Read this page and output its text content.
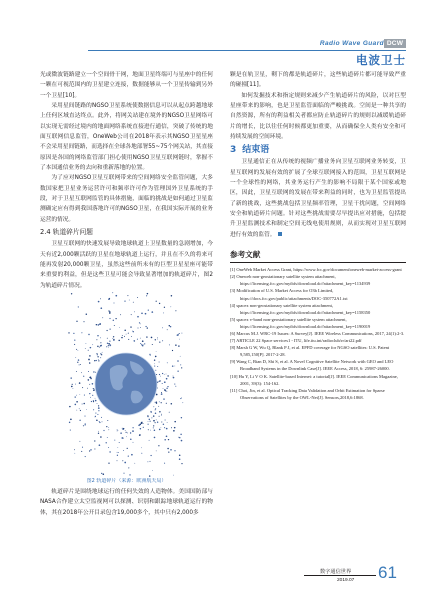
Radio Wave Guard DCW
电波卫士

光或微波链路建立一个空间骨干网，地面卫星终端可与星座中的任何一颗在可视范围内的卫星建立连接，数据能够从一个卫星传输到另外一个卫星[10]。

采用星间链路的NGSO卫星系统使数据信息可以从起点跨越地球上任何区域直达终点。此外，将网关站建在境外的NGSO卫星网络可以实现无需经过境内的地面网络系统直接进行通信，突破了传统的地面互联网信息监管，OneWeb公司在2018年表示其NGSO卫星星座不会采用星间链路，而选择在全球各地部署55~75个网关站，其直接原因是各国的网络监管部门担心使用NGSO卫星互联网链时，掌握不了本国通信业务的去向和重新落地的位置。

为了应对NGSO卫星互联网带来的空间网络安全监管问题，大多数国家把卫星业务运营许可和频率许可作为管理国外卫星系统的手段，对于卫星互联网监管的具体措施，面临的挑战是如何通过卫星监测确定应有得到我国落地许可的NGSO卫星，在我国实际开展的业务运营的情况。

2.4 轨道碎片问题

卫星互联网的快速发展导致地球轨道上卫星数量的急剧增加，今天有近2,000颗活跃的卫星在地球轨道上运行，并且在不久的将来可能再发射20,000颗卫星，虽然这些前所未有的巨型卫星星座可能带来重要的利益，但是这些卫星可能会导致显著增加的轨道碎片，图2为轨道碎片情况。

图2 轨道碎片（来源：欧洲航天局）

轨道碎片是围绕地球运行的任何失效的人造物体。美国国防部与NASA合作建立太空监视网可以探测、识别和跟踪地球轨道运行的物体，其在2018年公开目录包含19,000多个，其中只有2,000多

颗是在轨卫星，剩下的都是轨道碎片，这些轨道碎片都可能导致严重的碰撞[11]。

如何发掘技术和指定规则来减少产生轨道碎片的风险，以对巨型星座带来的影响，也是卫星监管面临的严峻挑战。空间是一种共享的自然资源，所有的利益相关者都应防止轨道碎片的规则以减缓轨道碎片的增长，比以往任何时候都更加重要，从而确保全人类有安全和可持续发展的空间环境。

3 结束语

卫星通信正在从传统的视频广播业务向卫星互联网业务转变，卫星互联网的发展有效的扩展了全球互联网接入的范围，卫星互联网是一个全球性的网络，其业务运行产生的影响不局限于某个国家或地区，因此，卫星互联网的发展在带来利益的同时，也为卫星监管提出了新的挑战，这些挑战包括卫星频率管理，卫星干扰问题，空间网络安全和轨道碎片问题。针对这些挑战需要尽早提出应对措施，包括提升卫星监测技术和制定空间无线电使用规则，从而实现对卫星互联网进行有效的监管。

参考文献
[1] OneWeb Market Access Grant, https://www.fcc.gov/document/oneweb-market-access-grant
[2] Oneweb non-geostationary satellite system attachment, https://licensing.fcc.gov/myibfs/download.do?attachment_key=1134939
[3] Modification of U.S. Market Access for O3b Limited, https://docs.fcc.gov/public/attachments/DOC-350772A1.txt
[4] spacex non-geostationary satellite system attachment, https://licensing.fcc.gov/myibfs/download.do?attachment_key=1158350
[5] spacex v-band non-geostationary satellite system attachment, https://licensing.fcc.gov/myibfs/download.do?attachment_key=1190019
[6] Marcus M.J. WRC-19 Issues: A Survey[J]. IEEE Wireless Communications, 2017, 24(1):2-3.
[7] ARTICLE 22 Space services1 - ITU, life.itu.int/radioclub/rr/art22.pdf
[8] Marsh G W, Wu Q, Blank P J, et al. EPFD coverage for NGSO satellites: U.S. Patent 9,585,150[P]. 2017-2-28.
[9] Wang C, Bian D, Shi S, et al. A Novel Cognitive Satellite Network with GEO and LEO Broadband Systems in the Downlink Case[J]. IEEE Access, 2018, 6: 25987-26000.
[10] Hu Y, Li V O K. Satellite-based Internet: a tutorial[J]. IEEE Communications Magazine, 2001, 39(3): 154-162.
[11] Choi, Jin, et al. Optical Tracking Data Validation and Orbit Estimation for Sparse Observations of Satellites by the OWL-Net[J]. Sensors,2018,6:1868.
数字通信世界
2019.07 61
